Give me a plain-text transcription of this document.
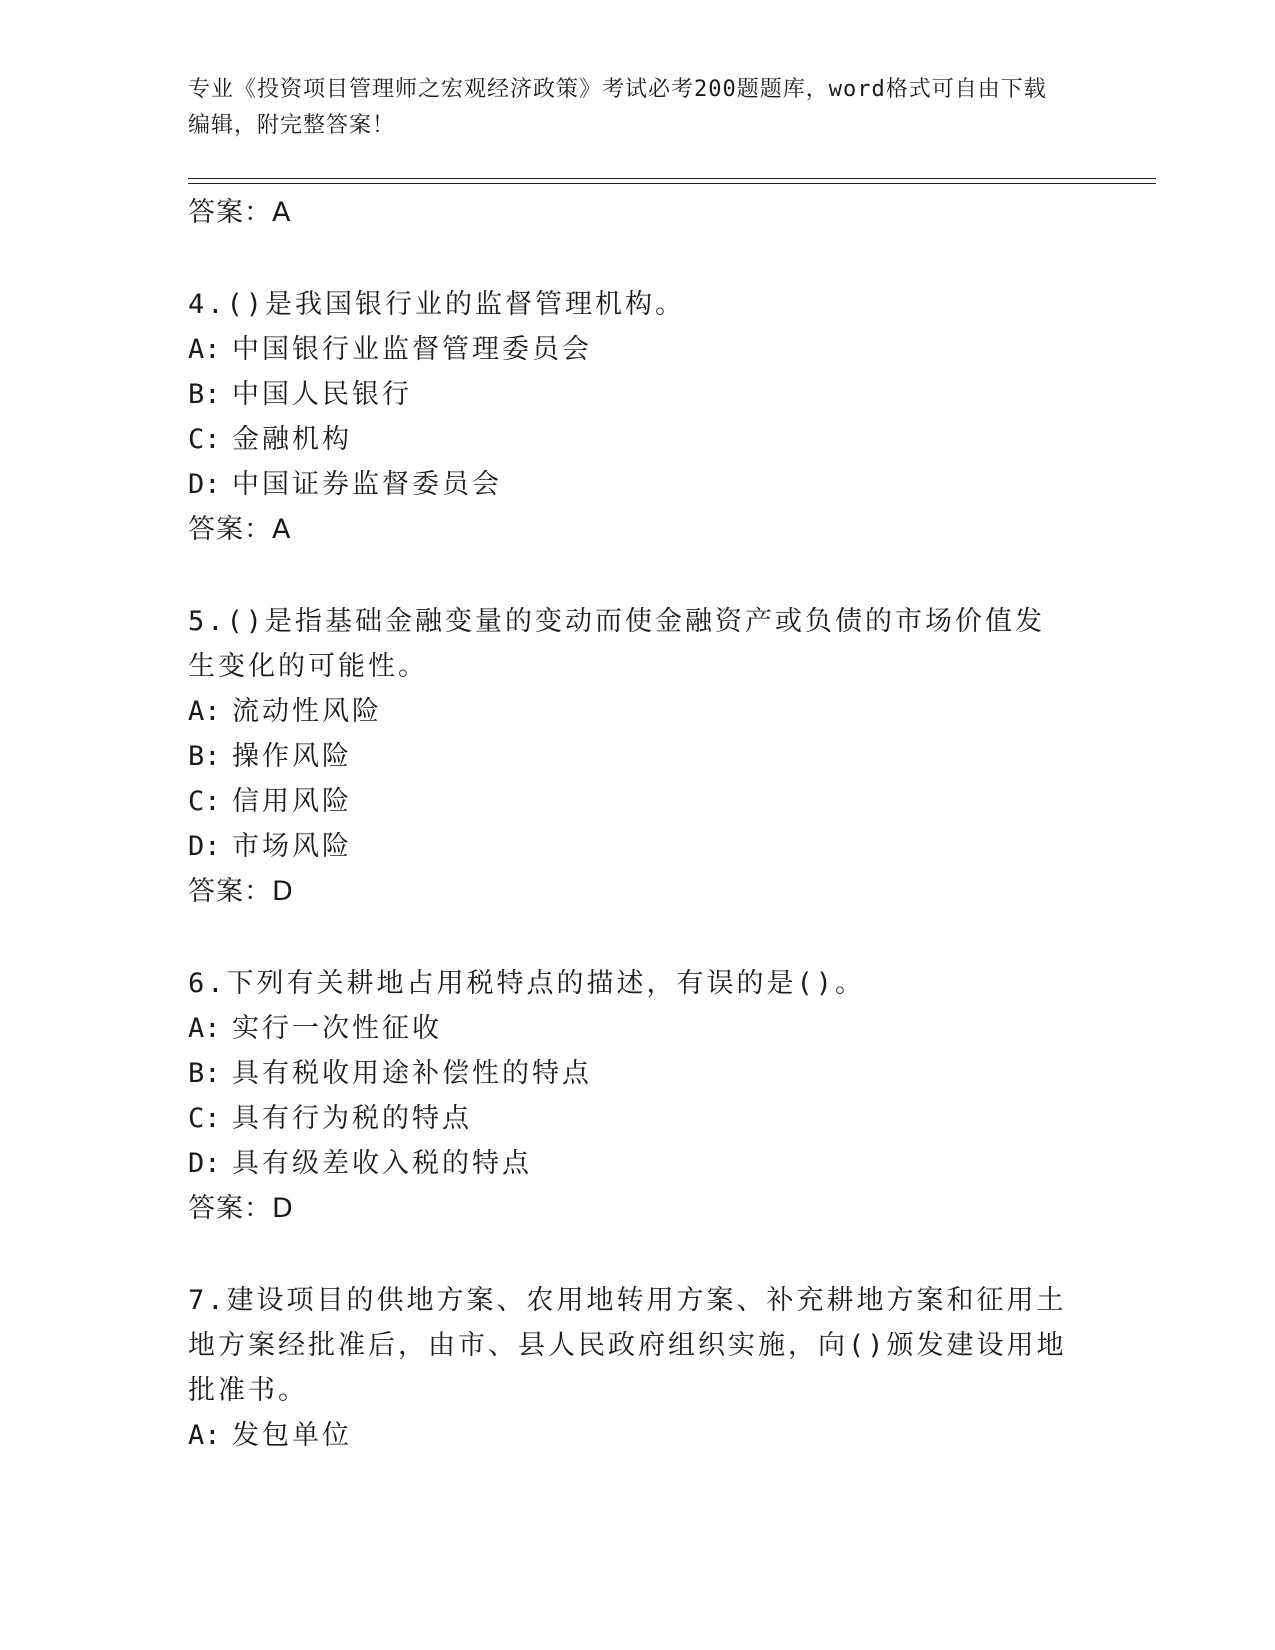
专业《投资项目管理师之宏观经济政策》考试必考200题题库，word格式可自由下载编辑，附完整答案！
答案：A
4.()是我国银行业的监督管理机构。
A: 中国银行业监督管理委员会
B: 中国人民银行
C: 金融机构
D: 中国证券监督委员会
答案：A
5.()是指基础金融变量的变动而使金融资产或负债的市场价值发生变化的可能性。
A: 流动性风险
B: 操作风险
C: 信用风险
D: 市场风险
答案：D
6.下列有关耕地占用税特点的描述，有误的是()。
A: 实行一次性征收
B: 具有税收用途补偿性的特点
C: 具有行为税的特点
D: 具有级差收入税的特点
答案：D
7.建设项目的供地方案、农用地转用方案、补充耕地方案和征用土地方案经批准后，由市、县人民政府组织实施，向()颁发建设用地批准书。
A: 发包单位
